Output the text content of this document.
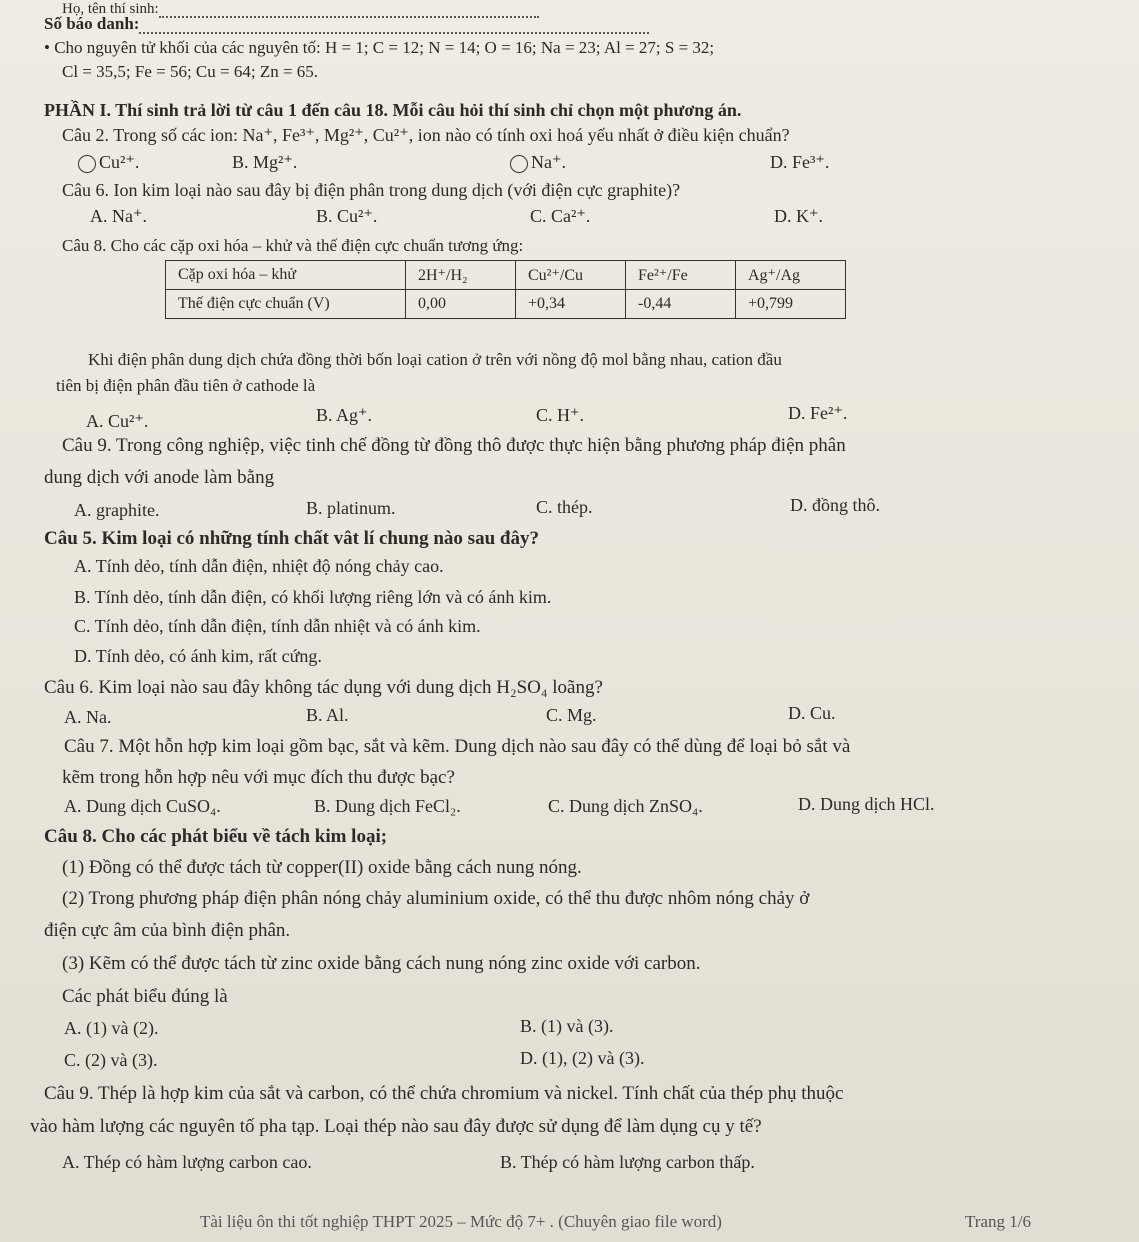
Họ, tên thí sinh:
Số báo danh:
• Cho nguyên tử khối của các nguyên tố: H = 1; C = 12; N = 14; O = 16; Na = 23; Al = 27; S = 32;
Cl = 35,5; Fe = 56; Cu = 64; Zn = 65.
PHẦN I. Thí sinh trả lời từ câu 1 đến câu 18. Mỗi câu hỏi thí sinh chỉ chọn một phương án.
Câu 2. Trong số các ion: Na⁺, Fe³⁺, Mg²⁺, Cu²⁺, ion nào có tính oxi hoá yếu nhất ở điều kiện chuẩn?
Cu²⁺.	B. Mg²⁺.	Na⁺.	D. Fe³⁺.
Câu 6. Ion kim loại nào sau đây bị điện phân trong dung dịch (với điện cực graphite)?
A. Na⁺.	B. Cu²⁺.	C. Ca²⁺.	D. K⁺.
Câu 8. Cho các cặp oxi hóa – khử và thế điện cực chuẩn tương ứng:
Cặp oxi hóa – khử	2H⁺/H₂	Cu²⁺/Cu	Fe²⁺/Fe	Ag⁺/Ag
Thế điện cực chuẩn (V)	0,00	+0,34	-0,44	+0,799
Khi điện phân dung dịch chứa đồng thời bốn loại cation ở trên với nồng độ mol bằng nhau, cation đầu
tiên bị điện phân đầu tiên ở cathode là
A. Cu²⁺.	B. Ag⁺.	C. H⁺.	D. Fe²⁺.
Câu 9. Trong công nghiệp, việc tinh chế đồng từ đồng thô được thực hiện bằng phương pháp điện phân
dung dịch với anode làm bằng
A. graphite.	B. platinum.	C. thép.	D. đồng thô.
Câu 5. Kim loại có những tính chất vât lí chung nào sau đây?
A. Tính dẻo, tính dẫn điện, nhiệt độ nóng chảy cao.
B. Tính dẻo, tính dẫn điện, có khối lượng riêng lớn và có ánh kim.
C. Tính dẻo, tính dẫn điện, tính dẫn nhiệt và có ánh kim.
D. Tính dẻo, có ánh kim, rất cứng.
Câu 6. Kim loại nào sau đây không tác dụng với dung dịch H₂SO₄ loãng?
A. Na.	B. Al.	C. Mg.	D. Cu.
Câu 7. Một hỗn hợp kim loại gồm bạc, sắt và kẽm. Dung dịch nào sau đây có thể dùng để loại bỏ sắt và
kẽm trong hỗn hợp nêu với mục đích thu được bạc?
A. Dung dịch CuSO₄.	B. Dung dịch FeCl₂.	C. Dung dịch ZnSO₄.	D. Dung dịch HCl.
Câu 8. Cho các phát biểu về tách kim loại;
(1) Đồng có thể được tách từ copper(II) oxide bằng cách nung nóng.
(2) Trong phương pháp điện phân nóng chảy aluminium oxide, có thể thu được nhôm nóng chảy ở
điện cực âm của bình điện phân.
(3) Kẽm có thể được tách từ zinc oxide bằng cách nung nóng zinc oxide với carbon.
Các phát biểu đúng là
A. (1) và (2).	B. (1) và (3).
C. (2) và (3).	D. (1), (2) và (3).
Câu 9. Thép là hợp kim của sắt và carbon, có thể chứa chromium và nickel. Tính chất của thép phụ thuộc
vào hàm lượng các nguyên tố pha tạp. Loại thép nào sau đây được sử dụng để làm dụng cụ y tế?
A. Thép có hàm lượng carbon cao.	B. Thép có hàm lượng carbon thấp.
Tài liệu ôn thi tốt nghiệp THPT 2025 – Mức độ 7+ . (Chuyên giao file word)	Trang 1/6
